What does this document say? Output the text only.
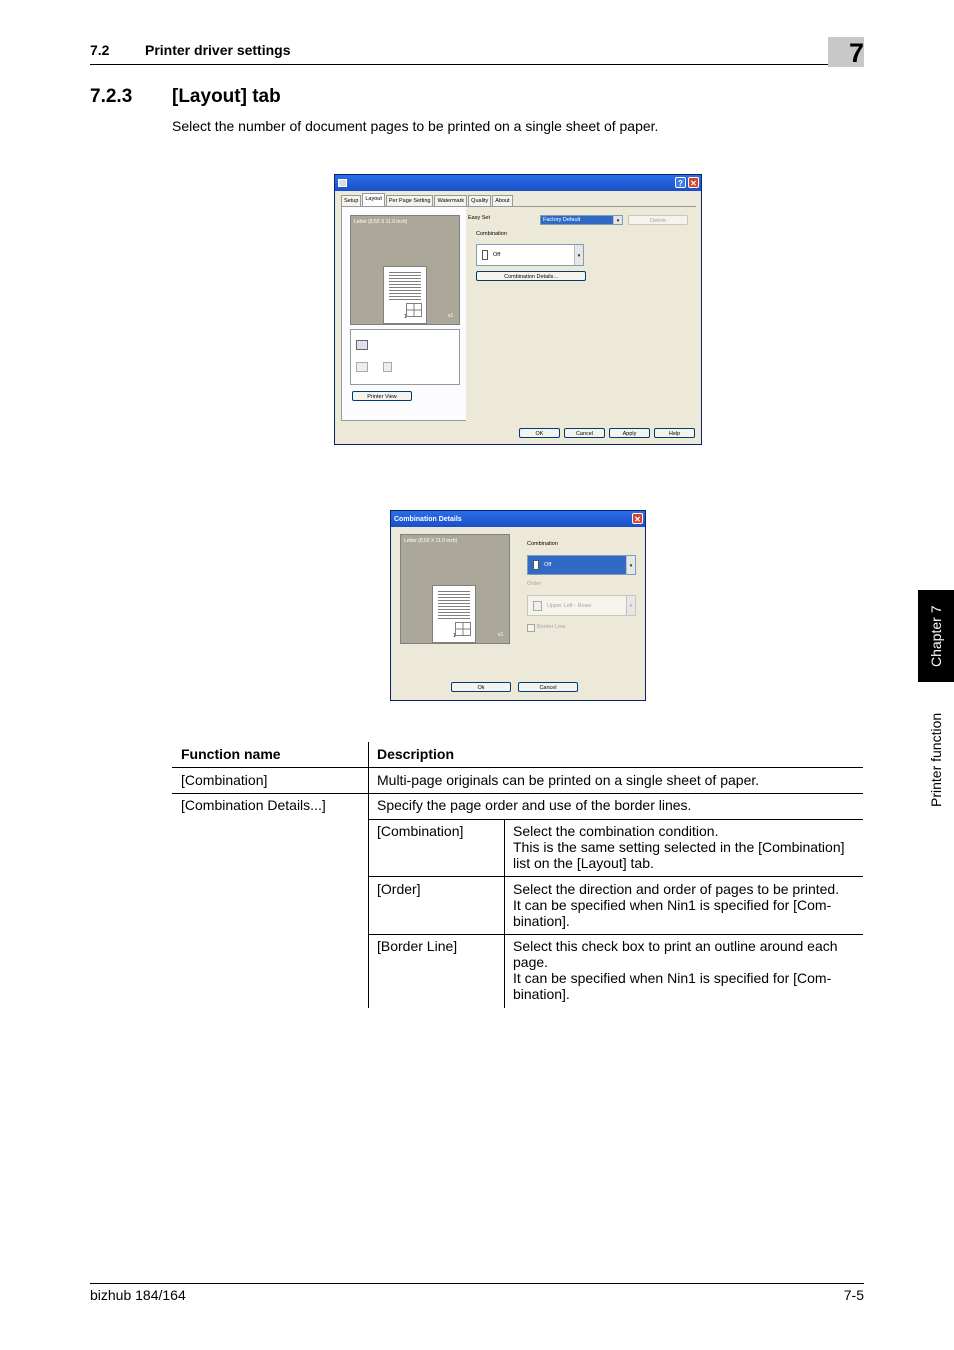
7.2	Printer driver settings	7
7.2.3 [Layout] tab
Select the number of document pages to be printed on a single sheet of paper.
Chapter 7
Printer function
? ✕
Setup	Layout	Per Page Setting	Watermark	Quality	About
Letter (8.50 X 11.0 inch)
1	x1
Printer View
Easy Set	Factory Default	▾	Delete
Combination
Off	▾
Combination Details...
OK	Cancel	Apply	Help
Combination Details	✕
Letter (8.50 X 11.0 inch)
1	x1
Combination
Off	▾
Order
Upper Left - Rows	▾
Border Line
Ok	Cancel
Function name	Description
[Combination]	Multi-page originals can be printed on a single sheet of paper.
[Combination Details...]	Specify the page order and use of the border lines.
[Combination]	Select the combination condition.
This is the same setting selected in the [Combination]
list on the [Layout] tab.
[Order]	Select the direction and order of pages to be printed.
It can be specified when Nin1 is specified for [Com-
bination].
[Border Line]	Select this check box to print an outline around each
page.
It can be specified when Nin1 is specified for [Com-
bination].
bizhub 184/164	7-5
